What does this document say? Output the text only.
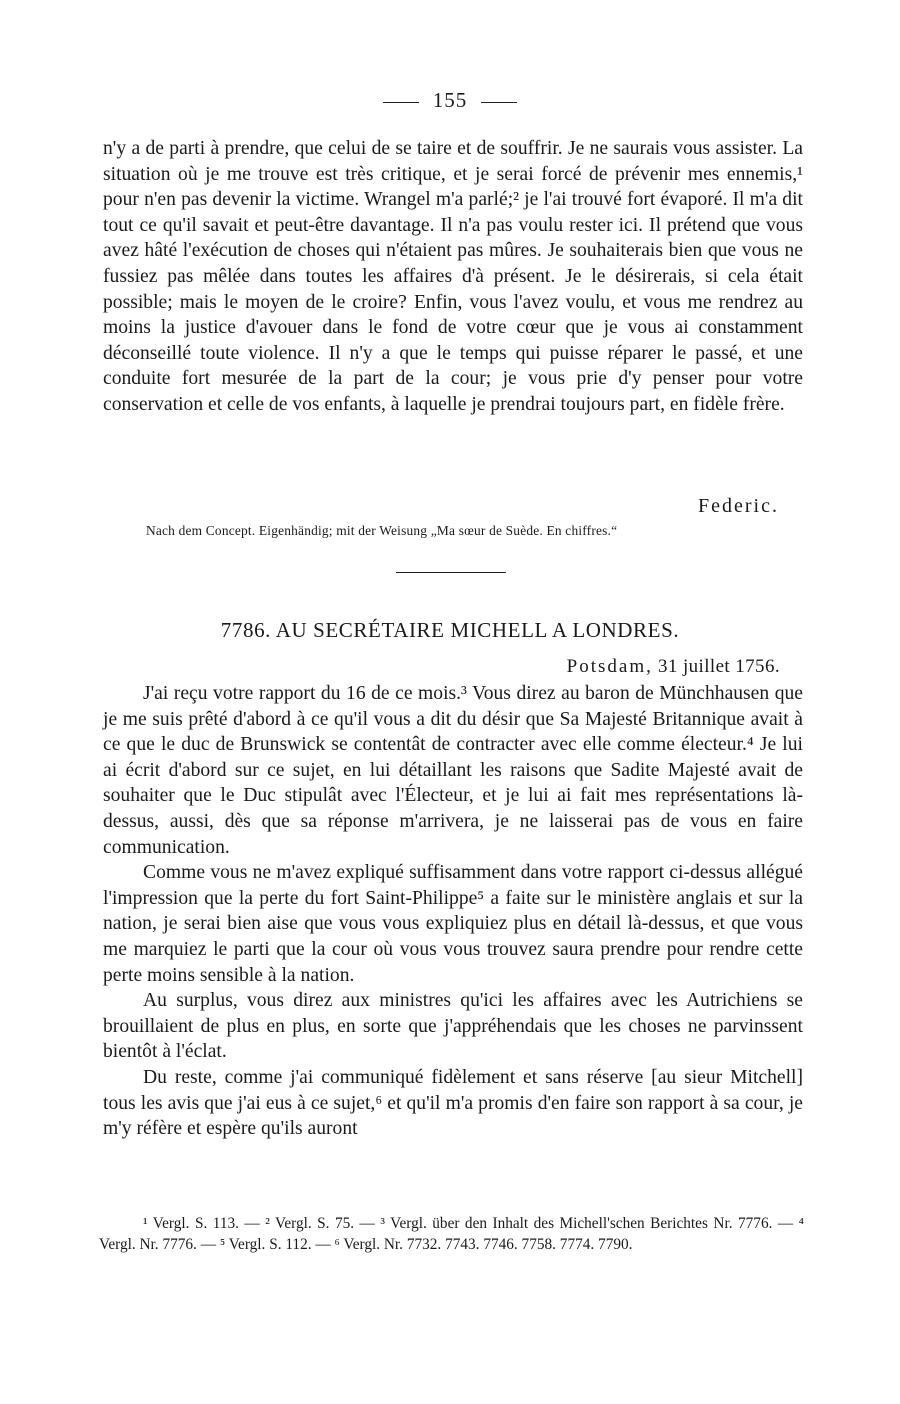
155

n'y a de parti à prendre, que celui de se taire et de souffrir. Je ne saurais vous assister. La situation où je me trouve est très critique, et je serai forcé de prévenir mes ennemis,¹ pour n'en pas devenir la victime. Wrangel m'a parlé;² je l'ai trouvé fort évaporé. Il m'a dit tout ce qu'il savait et peut-être davantage. Il n'a pas voulu rester ici. Il prétend que vous avez hâté l'exécution de choses qui n'étaient pas mûres. Je souhaiterais bien que vous ne fussiez pas mêlée dans toutes les affaires d'à présent. Je le désirerais, si cela était possible; mais le moyen de le croire? Enfin, vous l'avez voulu, et vous me rendrez au moins la justice d'avouer dans le fond de votre cœur que je vous ai constamment déconseillé toute violence. Il n'y a que le temps qui puisse réparer le passé, et une conduite fort mesurée de la part de la cour; je vous prie d'y penser pour votre conservation et celle de vos enfants, à laquelle je prendrai toujours part, en fidèle frère.

Federic.
Nach dem Concept. Eigenhändig; mit der Weisung „Ma sœur de Suède. En chiffres.“
7786. AU SECRÉTAIRE MICHELL A LONDRES.
Potsdam, 31 juillet 1756.

J'ai reçu votre rapport du 16 de ce mois.³ Vous direz au baron de Münchhausen que je me suis prêté d'abord à ce qu'il vous a dit du désir que Sa Majesté Britannique avait à ce que le duc de Brunswick se contentât de contracter avec elle comme électeur.⁴ Je lui ai écrit d'abord sur ce sujet, en lui détaillant les raisons que Sadite Majesté avait de souhaiter que le Duc stipulât avec l'Électeur, et je lui ai fait mes représentations là-dessus, aussi, dès que sa réponse m'arrivera, je ne laisserai pas de vous en faire communication.

Comme vous ne m'avez expliqué suffisamment dans votre rapport ci-dessus allégué l'impression que la perte du fort Saint-Philippe⁵ a faite sur le ministère anglais et sur la nation, je serai bien aise que vous vous expliquiez plus en détail là-dessus, et que vous me marquiez le parti que la cour où vous vous trouvez saura prendre pour rendre cette perte moins sensible à la nation.

Au surplus, vous direz aux ministres qu'ici les affaires avec les Autrichiens se brouillaient de plus en plus, en sorte que j'appréhendais que les choses ne parvinssent bientôt à l'éclat.

Du reste, comme j'ai communiqué fidèlement et sans réserve [au sieur Mitchell] tous les avis que j'ai eus à ce sujet,⁶ et qu'il m'a promis d'en faire son rapport à sa cour, je m'y réfère et espère qu'ils auront

¹ Vergl. S. 113. — ² Vergl. S. 75. — ³ Vergl. über den Inhalt des Michell'schen Berichtes Nr. 7776. — ⁴ Vergl. Nr. 7776. — ⁵ Vergl. S. 112. — ⁶ Vergl. Nr. 7732. 7743. 7746. 7758. 7774. 7790.
